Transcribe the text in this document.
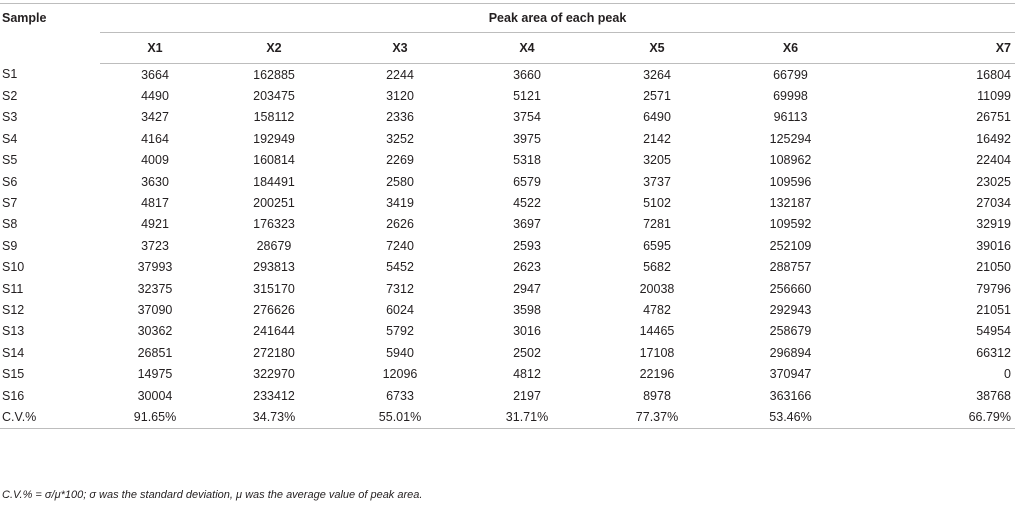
Sample	Peak area of each peak						
	X1	X2	X3	X4	X5	X6	X7
S1	3664	162885	2244	3660	3264	66799	16804
S2	4490	203475	3120	5121	2571	69998	11099
S3	3427	158112	2336	3754	6490	96113	26751
S4	4164	192949	3252	3975	2142	125294	16492
S5	4009	160814	2269	5318	3205	108962	22404
S6	3630	184491	2580	6579	3737	109596	23025
S7	4817	200251	3419	4522	5102	132187	27034
S8	4921	176323	2626	3697	7281	109592	32919
S9	3723	28679	7240	2593	6595	252109	39016
S10	37993	293813	5452	2623	5682	288757	21050
S11	32375	315170	7312	2947	20038	256660	79796
S12	37090	276626	6024	3598	4782	292943	21051
S13	30362	241644	5792	3016	14465	258679	54954
S14	26851	272180	5940	2502	17108	296894	66312
S15	14975	322970	12096	4812	22196	370947	0
S16	30004	233412	6733	2197	8978	363166	38768
C.V.%	91.65%	34.73%	55.01%	31.71%	77.37%	53.46%	66.79%
C.V.% = σ/μ*100; σ was the standard deviation, μ was the average value of peak area.
